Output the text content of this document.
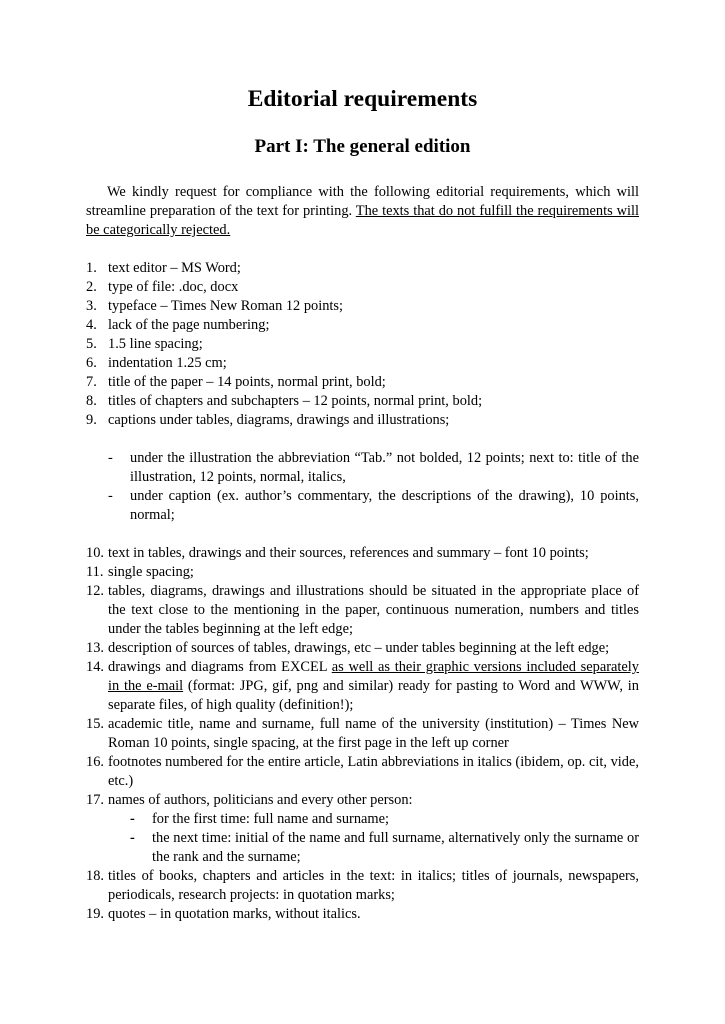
Editorial requirements
Part I: The general edition

We kindly request for compliance with the following editorial requirements, which will streamline preparation of the text for printing. The texts that do not fulfill the requirements will be categorically rejected.

1. text editor – MS Word;
2. type of file: .doc, docx
3. typeface – Times New Roman 12 points;
4. lack of the page numbering;
5. 1.5 line spacing;
6. indentation 1.25 cm;
7. title of the paper – 14 points, normal print, bold;
8. titles of chapters and subchapters – 12 points, normal print, bold;
9. captions under tables, diagrams, drawings and illustrations;
- under the illustration the abbreviation “Tab.” not bolded, 12 points; next to: title of the illustration, 12 points, normal, italics,
- under caption (ex. author’s commentary, the descriptions of the drawing), 10 points, normal;
10. text in tables, drawings and their sources, references and summary – font 10 points;
11. single spacing;
12. tables, diagrams, drawings and illustrations should be situated in the appropriate place of the text close to the mentioning in the paper, continuous numeration, numbers and titles under the tables beginning at the left edge;
13. description of sources of tables, drawings, etc – under tables beginning at the left edge;
14. drawings and diagrams from EXCEL as well as their graphic versions included separately in the e-mail (format: JPG, gif, png and similar) ready for pasting to Word and WWW, in separate files, of high quality (definition!);
15. academic title, name and surname, full name of the university (institution) – Times New Roman 10 points, single spacing, at the first page in the left up corner
16. footnotes numbered for the entire article, Latin abbreviations in italics (ibidem, op. cit, vide, etc.)
17. names of authors, politicians and every other person:
- for the first time: full name and surname;
- the next time: initial of the name and full surname, alternatively only the surname or the rank and the surname;
18. titles of books, chapters and articles in the text: in italics; titles of journals, newspapers, periodicals, research projects: in quotation marks;
19. quotes – in quotation marks, without italics.
